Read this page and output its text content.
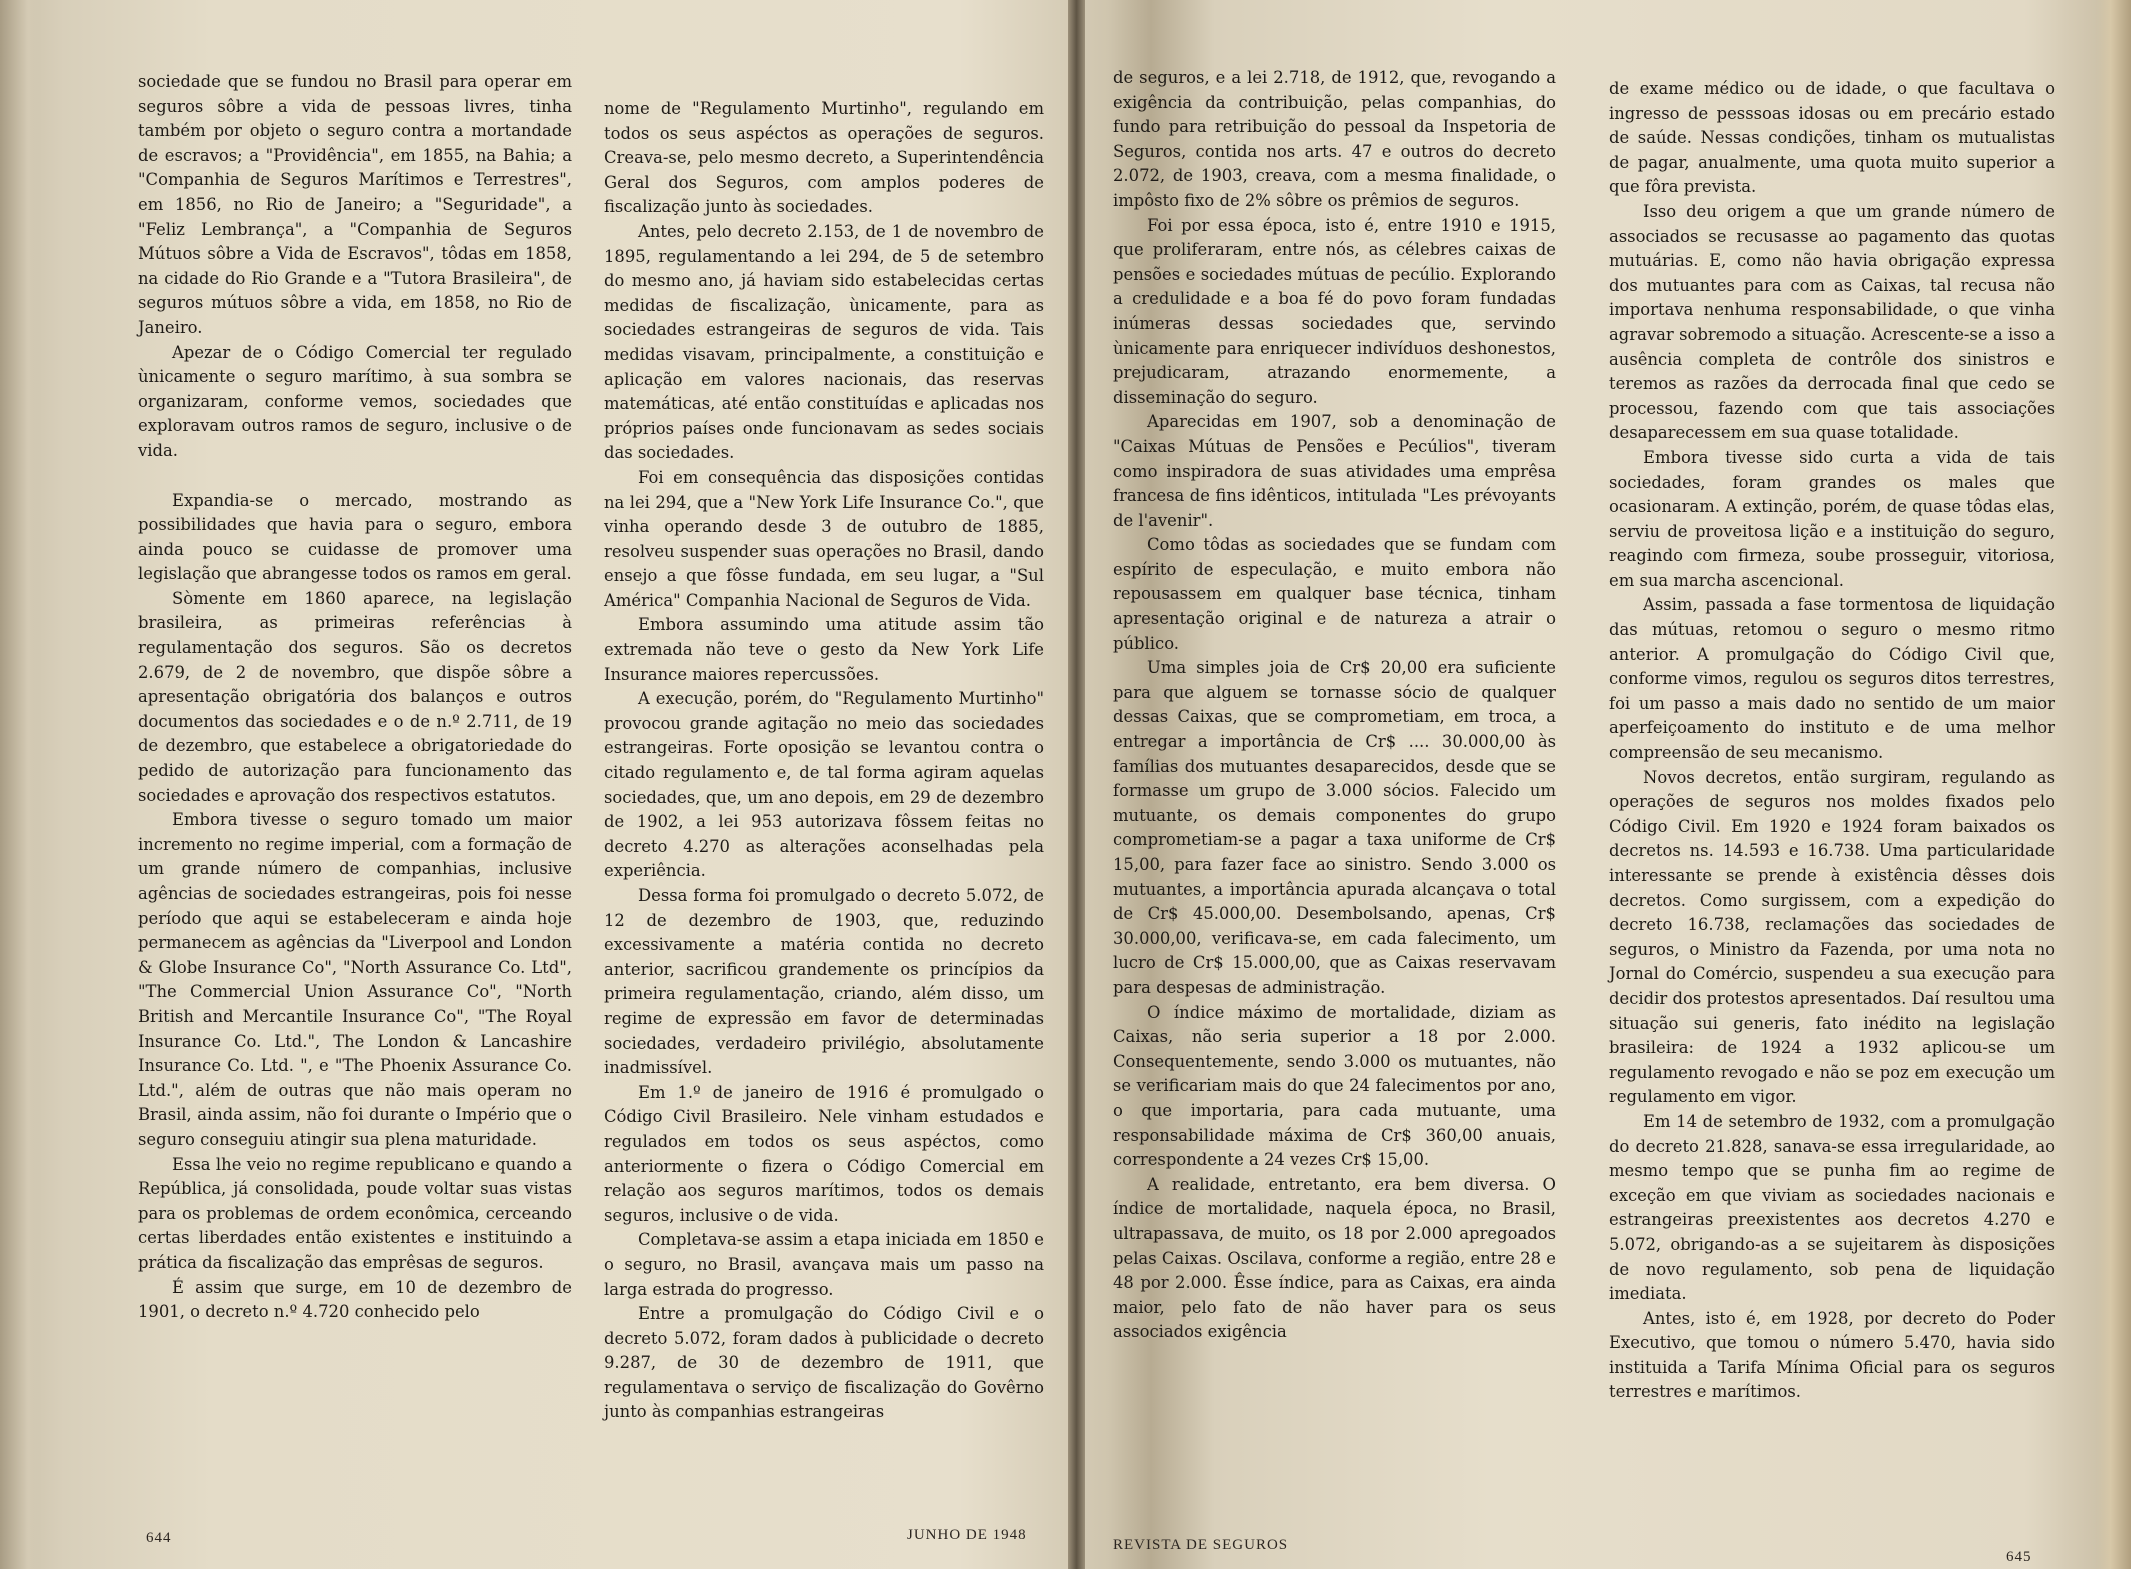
sociedade que se fundou no Brasil para operar em seguros sôbre a vida de pessoas livres, tinha também por objeto o seguro contra a mortandade de escravos; a "Providência", em 1855, na Bahia; a "Companhia de Seguros Marítimos e Terrestres", em 1856, no Rio de Janeiro; a "Seguridade", a "Feliz Lembrança", a "Companhia de Seguros Mútuos sôbre a Vida de Escravos", tôdas em 1858, na cidade do Rio Grande e a "Tutora Brasileira", de seguros mútuos sôbre a vida, em 1858, no Rio de Janeiro.

Apezar de o Código Comercial ter regulado ùnicamente o seguro marítimo, à sua sombra se organizaram, conforme vemos, sociedades que exploravam outros ramos de seguro, inclusive o de vida.

Expandia-se o mercado, mostrando as possibilidades que havia para o seguro, embora ainda pouco se cuidasse de promover uma legislação que abrangesse todos os ramos em geral.

Sòmente em 1860 aparece, na legislação brasileira, as primeiras referências à regulamentação dos seguros. São os decretos 2.679, de 2 de novembro, que dispõe sôbre a apresentação obrigatória dos balanços e outros documentos das sociedades e o de n.º 2.711, de 19 de dezembro, que estabelece a obrigatoriedade do pedido de autorização para funcionamento das sociedades e aprovação dos respectivos estatutos.

Embora tivesse o seguro tomado um maior incremento no regime imperial, com a formação de um grande número de companhias, inclusive agências de sociedades estrangeiras, pois foi nesse período que aqui se estabeleceram e ainda hoje permanecem as agências da "Liverpool and London & Globe Insurance Co", "North Assurance Co. Ltd", "The Commercial Union Assurance Co", "North British and Mercantile Insurance Co", "The Royal Insurance Co. Ltd.", The London & Lancashire Insurance Co. Ltd. ", e "The Phoenix Assurance Co. Ltd.", além de outras que não mais operam no Brasil, ainda assim, não foi durante o Império que o seguro conseguiu atingir sua plena maturidade.

Essa lhe veio no regime republicano e quando a República, já consolidada, poude voltar suas vistas para os problemas de ordem econômica, cerceando certas liberdades então existentes e instituindo a prática da fiscalização das emprêsas de seguros.

É assim que surge, em 10 de dezembro de 1901, o decreto n.º 4.720 conhecido pelo

nome de "Regulamento Murtinho", regulando em todos os seus aspéctos as operações de seguros. Creava-se, pelo mesmo decreto, a Superintendência Geral dos Seguros, com amplos poderes de fiscalização junto às sociedades.

Antes, pelo decreto 2.153, de 1 de novembro de 1895, regulamentando a lei 294, de 5 de setembro do mesmo ano, já haviam sido estabelecidas certas medidas de fiscalização, ùnicamente, para as sociedades estrangeiras de seguros de vida. Tais medidas visavam, principalmente, a constituição e aplicação em valores nacionais, das reservas matemáticas, até então constituídas e aplicadas nos próprios países onde funcionavam as sedes sociais das sociedades.

Foi em consequência das disposições contidas na lei 294, que a "New York Life Insurance Co.", que vinha operando desde 3 de outubro de 1885, resolveu suspender suas operações no Brasil, dando ensejo a que fôsse fundada, em seu lugar, a "Sul América" Companhia Nacional de Seguros de Vida.

Embora assumindo uma atitude assim tão extremada não teve o gesto da New York Life Insurance maiores repercussões.

A execução, porém, do "Regulamento Murtinho" provocou grande agitação no meio das sociedades estrangeiras. Forte oposição se levantou contra o citado regulamento e, de tal forma agiram aquelas sociedades, que, um ano depois, em 29 de dezembro de 1902, a lei 953 autorizava fôssem feitas no decreto 4.270 as alterações aconselhadas pela experiência.

Dessa forma foi promulgado o decreto 5.072, de 12 de dezembro de 1903, que, reduzindo excessivamente a matéria contida no decreto anterior, sacrificou grandemente os princípios da primeira regulamentação, criando, além disso, um regime de expressão em favor de determinadas sociedades, verdadeiro privilégio, absolutamente inadmissível.

Em 1.º de janeiro de 1916 é promulgado o Código Civil Brasileiro. Nele vinham estudados e regulados em todos os seus aspéctos, como anteriormente o fizera o Código Comercial em relação aos seguros marítimos, todos os demais seguros, inclusive o de vida.

Completava-se assim a etapa iniciada em 1850 e o seguro, no Brasil, avançava mais um passo na larga estrada do progresso.

Entre a promulgação do Código Civil e o decreto 5.072, foram dados à publicidade o decreto 9.287, de 30 de dezembro de 1911, que regulamentava o serviço de fiscalização do Govêrno junto às companhias estrangeiras

644	JUNHO DE 1948

de seguros, e a lei 2.718, de 1912, que, revogando a exigência da contribuição, pelas companhias, do fundo para retribuição do pessoal da Inspetoria de Seguros, contida nos arts. 47 e outros do decreto 2.072, de 1903, creava, com a mesma finalidade, o impôsto fixo de 2% sôbre os prêmios de seguros.

Foi por essa época, isto é, entre 1910 e 1915, que proliferaram, entre nós, as célebres caixas de pensões e sociedades mútuas de pecúlio. Explorando a credulidade e a boa fé do povo foram fundadas inúmeras dessas sociedades que, servindo ùnicamente para enriquecer indivíduos deshonestos, prejudicaram, atrazando enormemente, a disseminação do seguro.

Aparecidas em 1907, sob a denominação de "Caixas Mútuas de Pensões e Pecúlios", tiveram como inspiradora de suas atividades uma emprêsa francesa de fins idênticos, intitulada "Les prévoyants de l'avenir".

Como tôdas as sociedades que se fundam com espírito de especulação, e muito embora não repousassem em qualquer base técnica, tinham apresentação original e de natureza a atrair o público.

Uma simples joia de Cr$ 20,00 era suficiente para que alguem se tornasse sócio de qualquer dessas Caixas, que se comprometiam, em troca, a entregar a importância de Cr$ .... 30.000,00 às famílias dos mutuantes desaparecidos, desde que se formasse um grupo de 3.000 sócios. Falecido um mutuante, os demais componentes do grupo comprometiam-se a pagar a taxa uniforme de Cr$ 15,00, para fazer face ao sinistro. Sendo 3.000 os mutuantes, a importância apurada alcançava o total de Cr$ 45.000,00. Desembolsando, apenas, Cr$ 30.000,00, verificava-se, em cada falecimento, um lucro de Cr$ 15.000,00, que as Caixas reservavam para despesas de administração.

O índice máximo de mortalidade, diziam as Caixas, não seria superior a 18 por 2.000. Consequentemente, sendo 3.000 os mutuantes, não se verificariam mais do que 24 falecimentos por ano, o que importaria, para cada mutuante, uma responsabilidade máxima de Cr$ 360,00 anuais, correspondente a 24 vezes Cr$ 15,00.

A realidade, entretanto, era bem diversa. O índice de mortalidade, naquela época, no Brasil, ultrapassava, de muito, os 18 por 2.000 apregoados pelas Caixas. Oscilava, conforme a região, entre 28 e 48 por 2.000. Êsse índice, para as Caixas, era ainda maior, pelo fato de não haver para os seus associados exigência

de exame médico ou de idade, o que facultava o ingresso de pesssoas idosas ou em precário estado de saúde. Nessas condições, tinham os mutualistas de pagar, anualmente, uma quota muito superior a que fôra prevista.

Isso deu origem a que um grande número de associados se recusasse ao pagamento das quotas mutuárias. E, como não havia obrigação expressa dos mutuantes para com as Caixas, tal recusa não importava nenhuma responsabilidade, o que vinha agravar sobremodo a situação. Acrescente-se a isso a ausência completa de contrôle dos sinistros e teremos as razões da derrocada final que cedo se processou, fazendo com que tais associações desaparecessem em sua quase totalidade.

Embora tivesse sido curta a vida de tais sociedades, foram grandes os males que ocasionaram. A extinção, porém, de quase tôdas elas, serviu de proveitosa lição e a instituição do seguro, reagindo com firmeza, soube prosseguir, vitoriosa, em sua marcha ascencional.

Assim, passada a fase tormentosa de liquidação das mútuas, retomou o seguro o mesmo ritmo anterior. A promulgação do Código Civil que, conforme vimos, regulou os seguros ditos terrestres, foi um passo a mais dado no sentido de um maior aperfeiçoamento do instituto e de uma melhor compreensão de seu mecanismo.

Novos decretos, então surgiram, regulando as operações de seguros nos moldes fixados pelo Código Civil. Em 1920 e 1924 foram baixados os decretos ns. 14.593 e 16.738. Uma particularidade interessante se prende à existência dêsses dois decretos. Como surgissem, com a expedição do decreto 16.738, reclamações das sociedades de seguros, o Ministro da Fazenda, por uma nota no Jornal do Comércio, suspendeu a sua execução para decidir dos protestos apresentados. Daí resultou uma situação sui generis, fato inédito na legislação brasileira: de 1924 a 1932 aplicou-se um regulamento revogado e não se poz em execução um regulamento em vigor.

Em 14 de setembro de 1932, com a promulgação do decreto 21.828, sanava-se essa irregularidade, ao mesmo tempo que se punha fim ao regime de exceção em que viviam as sociedades nacionais e estrangeiras preexistentes aos decretos 4.270 e 5.072, obrigando-as a se sujeitarem às disposições de novo regulamento, sob pena de liquidação imediata.

Antes, isto é, em 1928, por decreto do Poder Executivo, que tomou o número 5.470, havia sido instituida a Tarifa Mínima Oficial para os seguros terrestres e marítimos.

REVISTA DE SEGUROS
645
